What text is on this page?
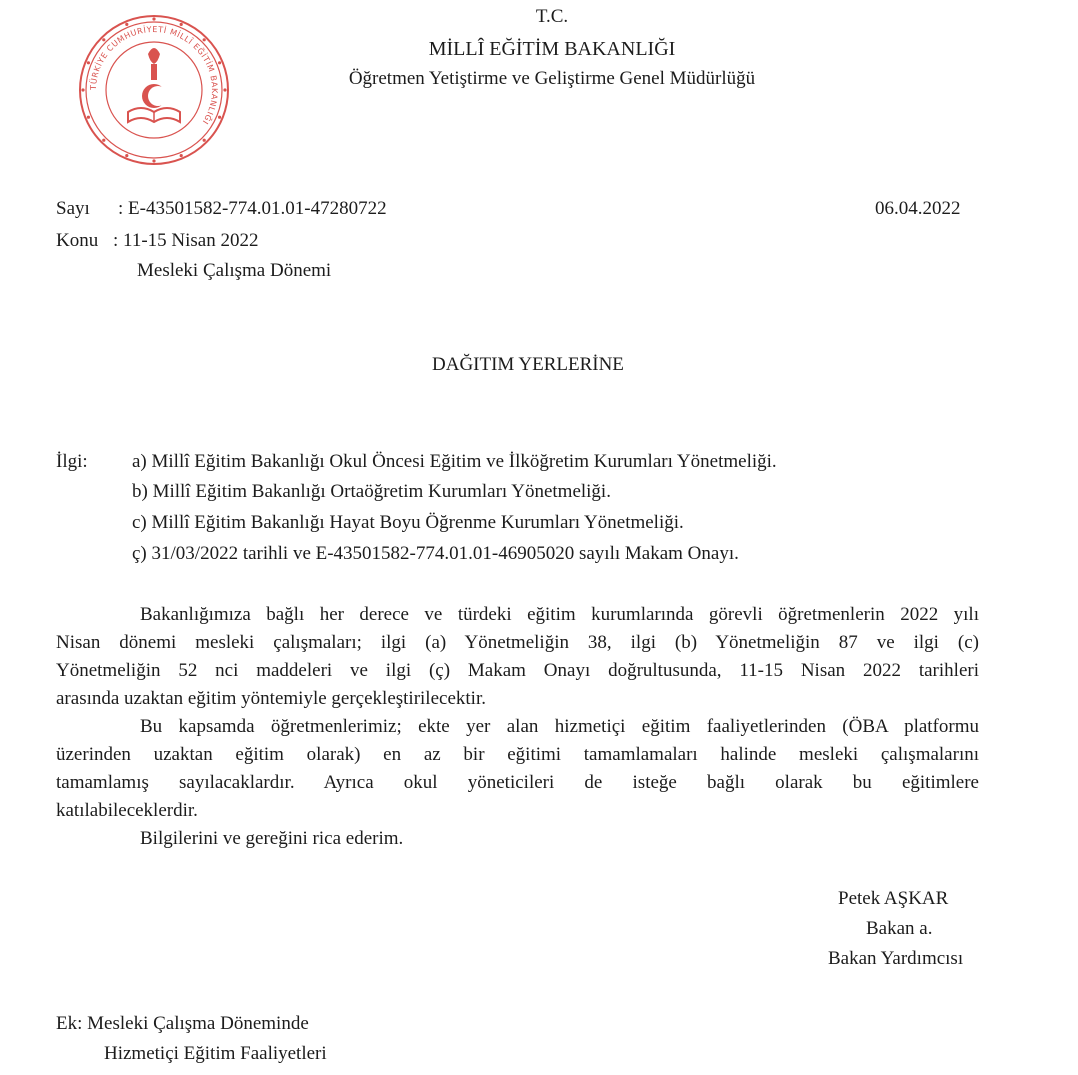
TÜRKİYE CUMHURİYETİ MİLLÎ EĞİTİM BAKANLIĞI
T.C.
MİLLÎ EĞİTİM BAKANLIĞI
Öğretmen Yetiştirme ve Geliştirme Genel Müdürlüğü
Sayı : E-43501582-774.01.01-47280722	06.04.2022
Konu : 11-15 Nisan 2022
Mesleki Çalışma Dönemi
DAĞITIM YERLERİNE
İlgi: a) Millî Eğitim Bakanlığı Okul Öncesi Eğitim ve İlköğretim Kurumları Yönetmeliği.
b) Millî Eğitim Bakanlığı Ortaöğretim Kurumları Yönetmeliği.
c) Millî Eğitim Bakanlığı Hayat Boyu Öğrenme Kurumları Yönetmeliği.
ç) 31/03/2022 tarihli ve E-43501582-774.01.01-46905020 sayılı Makam Onayı.
Bakanlığımıza bağlı her derece ve türdeki eğitim kurumlarında görevli öğretmenlerin 2022 yılı
Nisan dönemi mesleki çalışmaları; ilgi (a) Yönetmeliğin 38, ilgi (b) Yönetmeliğin 87 ve ilgi (c)
Yönetmeliğin 52 nci maddeleri ve ilgi (ç) Makam Onayı doğrultusunda, 11-15 Nisan 2022 tarihleri
arasında uzaktan eğitim yöntemiyle gerçekleştirilecektir.
Bu kapsamda öğretmenlerimiz; ekte yer alan hizmetiçi eğitim faaliyetlerinden (ÖBA platformu
üzerinden uzaktan eğitim olarak) en az bir eğitimi tamamlamaları halinde mesleki çalışmalarını
tamamlamış sayılacaklardır. Ayrıca okul yöneticileri de isteğe bağlı olarak bu eğitimlere
katılabileceklerdir.
Bilgilerini ve gereğini rica ederim.
Petek AŞKAR
Bakan a.
Bakan Yardımcısı
Ek: Mesleki Çalışma Döneminde
Hizmetiçi Eğitim Faaliyetleri
